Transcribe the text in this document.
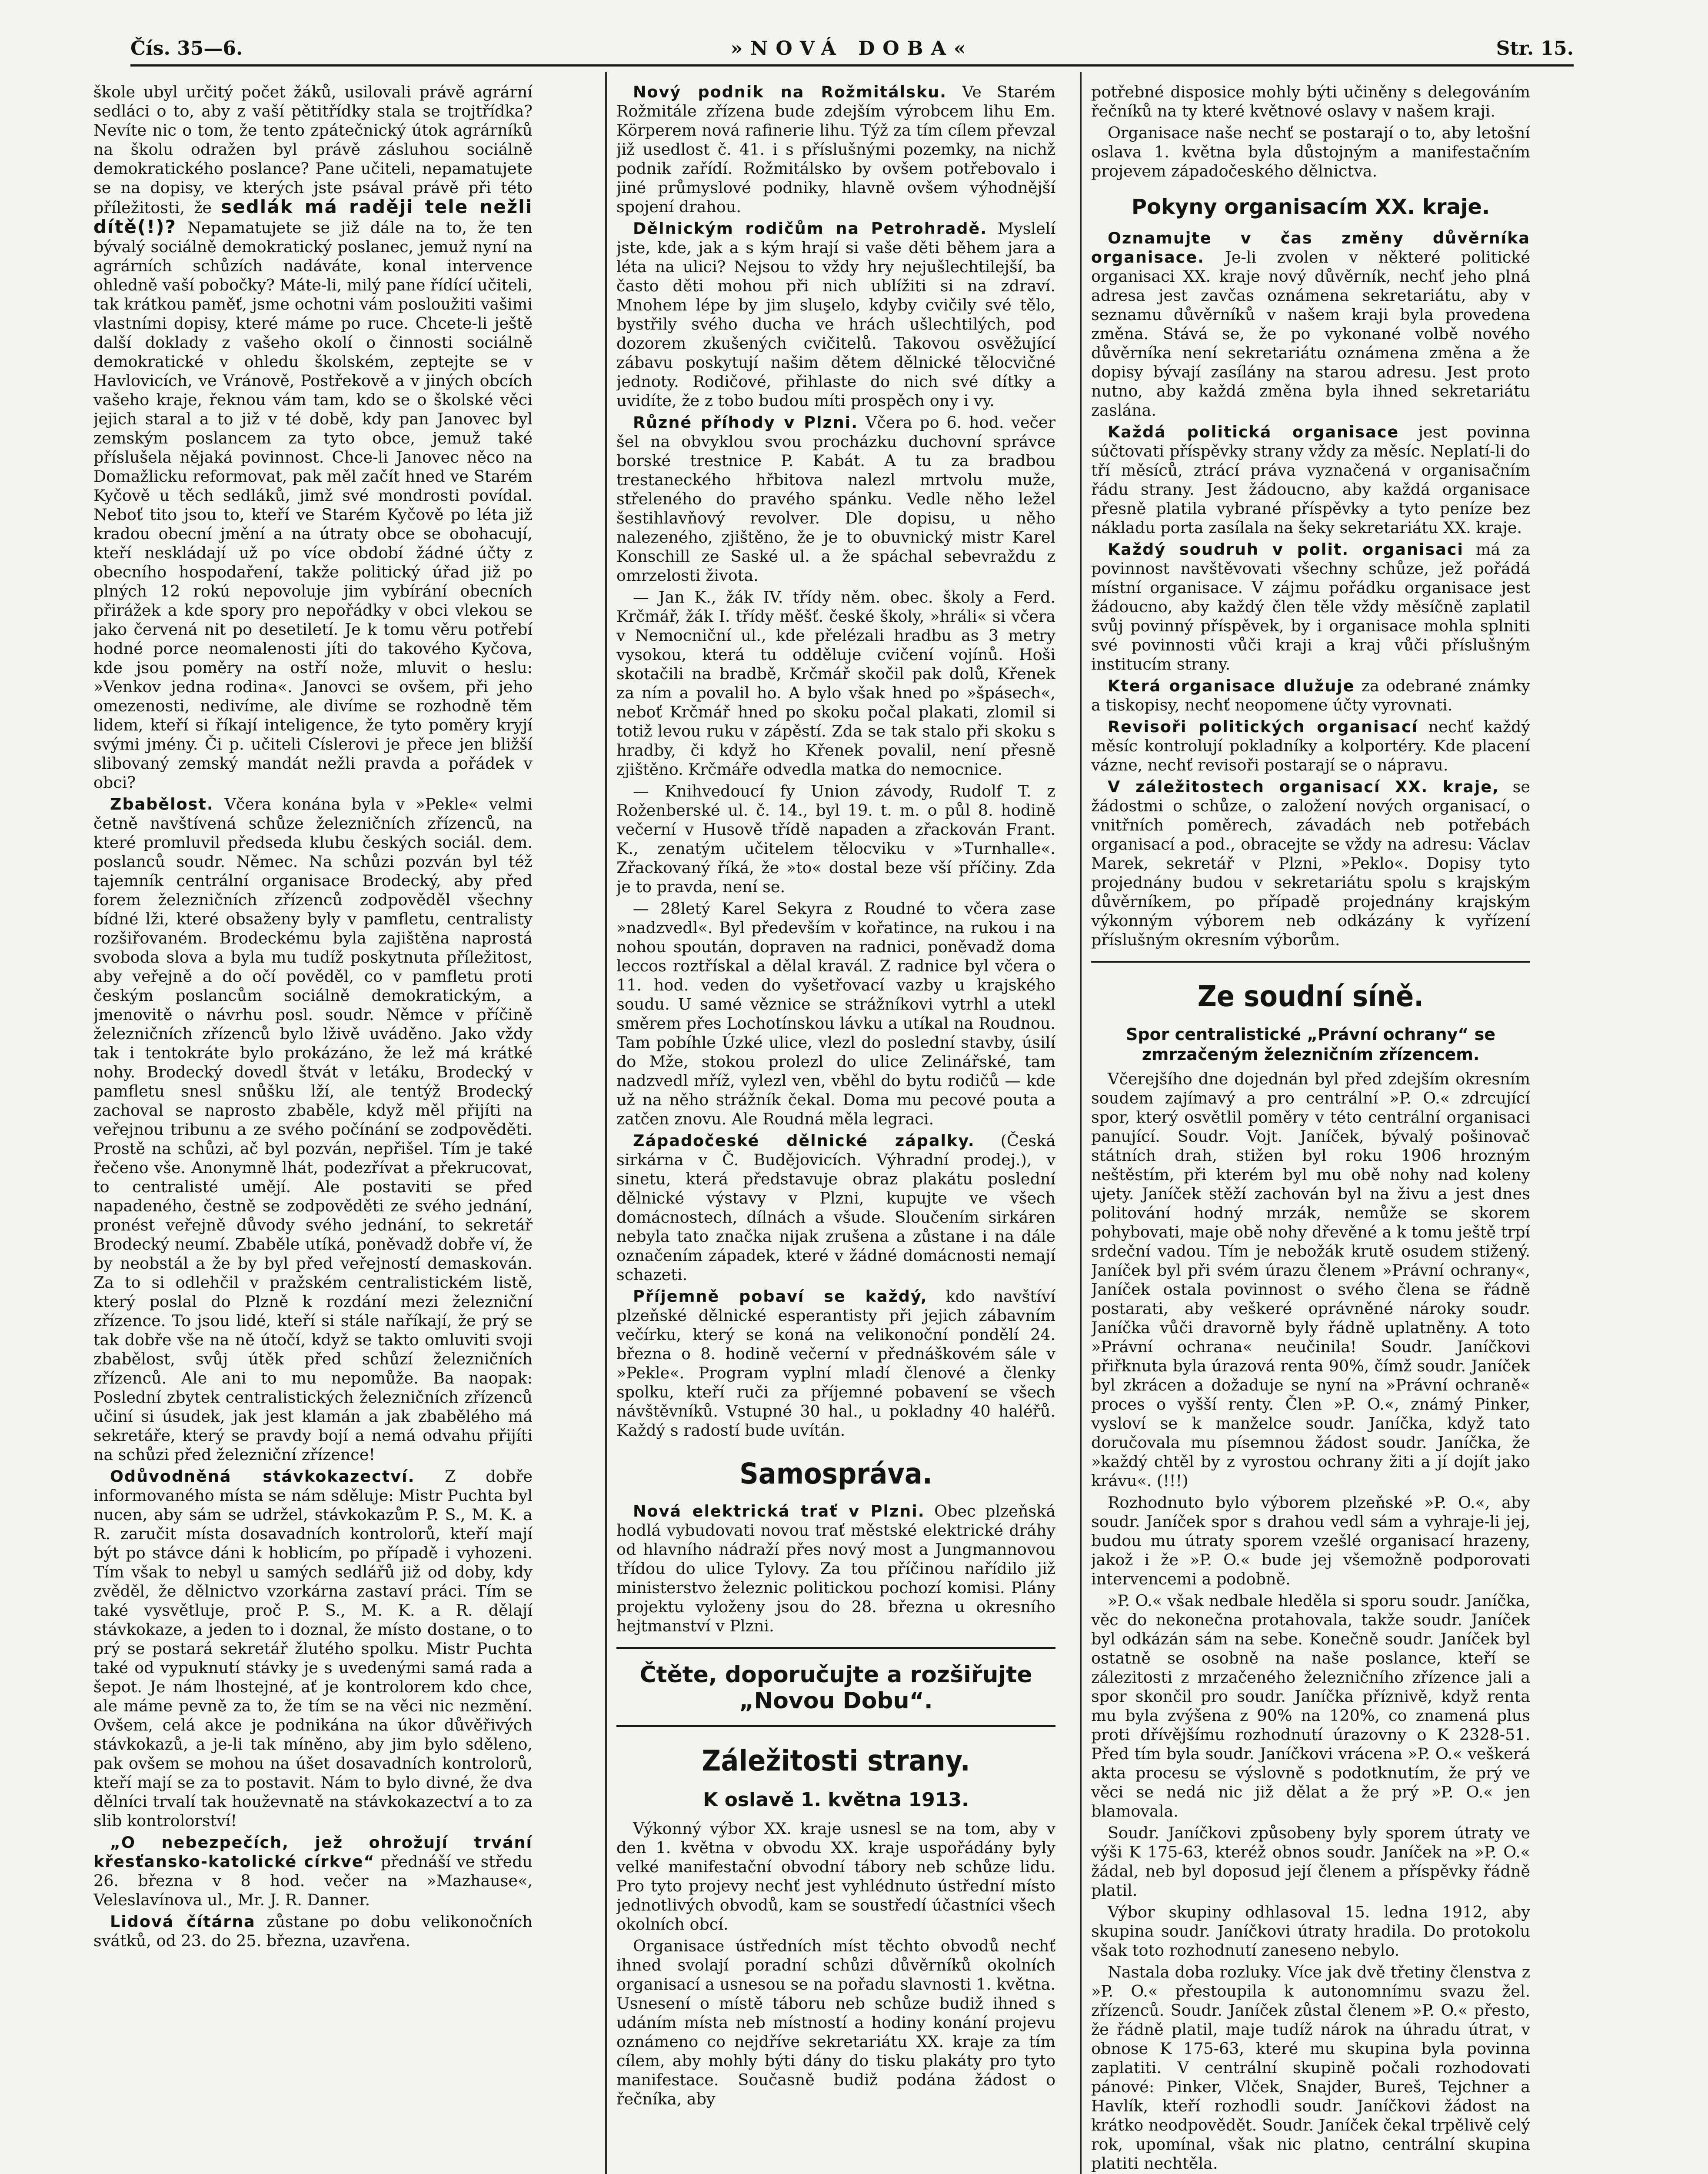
Čís. 35—6.	»NOVÁ DOBA«	Str. 15.

škole ubyl určitý počet žáků, usilovali právě agrární sedláci o to, aby z vaší pětitřídky stala se trojtřídka? Nevíte nic o tom, že tento zpátečnický útok agrárníků na školu odražen byl právě zásluhou sociálně demokratického poslance? Pane učiteli, nepamatujete se na dopisy, ve kterých jste psával právě při této příležitosti, že sedlák má raději tele nežli dítě(!)? Nepamatujete se již dále na to, že ten bývalý sociálně demokratický poslanec, jemuž nyní na agrárních schůzích nadáváte, konal intervence ohledně vaší pobočky? Máte-li, milý pane řídící učiteli, tak krátkou paměť, jsme ochotni vám posloužiti vašimi vlastními dopisy, které máme po ruce. Chcete-li ještě další doklady z vašeho okolí o činnosti sociálně demokratické v ohledu školském, zeptejte se v Havlovicích, ve Vránově, Postřekově a v jiných obcích vašeho kraje, řeknou vám tam, kdo se o školské věci jejich staral a to již v té době, kdy pan Janovec byl zemským poslancem za tyto obce, jemuž také příslušela nějaká povinnost. Chce-li Janovec něco na Domažlicku reformovat, pak měl začít hned ve Starém Kyčově u těch sedláků, jimž své mondrosti povídal. Neboť tito jsou to, kteří ve Starém Kyčově po léta již kradou obecní jmění a na útraty obce se obohacují, kteří neskládají už po více období žádné účty z obecního hospodaření, takže politický úřad již po plných 12 rokú nepovoluje jim vybírání obecních přirážek a kde spory pro nepořádky v obci vlekou se jako červená nit po desetiletí. Je k tomu věru potřebí hodné porce neomalenosti jíti do takového Kyčova, kde jsou poměry na ostří nože, mluvit o heslu: »Venkov jedna rodina«. Janovci se ovšem, při jeho omezenosti, nedivíme, ale divíme se rozhodně těm lidem, kteří si říkají inteligence, že tyto poměry kryjí svými jmény. Či p. učiteli Císlerovi je přece jen bližší slibovaný zemský mandát nežli pravda a pořádek v obci?

Zbabělost. Včera konána byla v »Pekle« velmi četně navštívená schůze železničních zřízenců, na které promluvil předseda klubu českých sociál. dem. poslanců soudr. Němec. Na schůzi pozván byl též tajemník centrální organisace Brodecký, aby před forem železničních zřízenců zodpověděl všechny bídné lži, které obsaženy byly v pamfletu, centralisty rozšiřovaném. Brodeckému byla zajištěna naprostá svoboda slova a byla mu tudíž poskytnuta příležitost, aby veřejně a do očí pověděl, co v pamfletu proti českým poslancům sociálně demokratickým, a jmenovitě o návrhu posl. soudr. Němce v příčině železničních zřízenců bylo lživě uváděno. Jako vždy tak i tentokráte bylo prokázáno, že lež má krátké nohy. Brodecký dovedl štvát v letáku, Brodecký v pamfletu snesl snůšku lží, ale tentýž Brodecký zachoval se naprosto zbaběle, když měl přijíti na veřejnou tribunu a ze svého počínání se zodpověděti. Prostě na schůzi, ač byl pozván, nepřišel. Tím je také řečeno vše. Anonymně lhát, podezřívat a překrucovat, to centralisté umějí. Ale postaviti se před napadeného, čestně se zodpověděti ze svého jednání, pronést veřejně důvody svého jednání, to sekretář Brodecký neumí. Zbaběle utíká, poněvadž dobře ví, že by neobstál a že by byl před veřejností demaskován. Za to si odlehčil v pražském centralistickém listě, který poslal do Plzně k rozdání mezi železniční zřízence. To jsou lidé, kteří si stále naříkají, že prý se tak dobře vše na ně útočí, když se takto omluviti svoji zbabělost, svůj útěk před schůzí železničních zřízenců. Ale ani to mu nepomůže. Ba naopak: Poslední zbytek centralistických železničních zřízenců učiní si úsudek, jak jest klamán a jak zbabělého má sekretáře, který se pravdy bojí a nemá odvahu přijíti na schůzi před železniční zřízence!

Odůvodněná stávkokazectví. Z dobře informovaného místa se nám sděluje: Mistr Puchta byl nucen, aby sám se udržel, stávkokazům P. S., M. K. a R. zaručit místa dosavadních kontrolorů, kteří mají být po stávce dáni k hoblicím, po případě i vyhozeni. Tím však to nebyl u samých sedlářů již od doby, kdy zvěděl, že dělnictvo vzorkárna zastaví práci. Tím se také vysvětluje, proč P. S., M. K. a R. dělají stávkokaze, a jeden to i doznal, že místo dostane, o to prý se postará sekretář žlutého spolku. Mistr Puchta také od vypuknutí stávky je s uvedenými samá rada a šepot. Je nám lhostejné, ať je kontrolorem kdo chce, ale máme pevně za to, že tím se na věci nic nezmění. Ovšem, celá akce je podnikána na úkor důvěřivých stávkokazů, a je-li tak míněno, aby jim bylo sděleno, pak ovšem se mohou na úšet dosavadních kontrolorů, kteří mají se za to postavit. Nám to bylo divné, že dva dělníci trvalí tak houževnatě na stávkokazectví a to za slib kontrolorství!

„O nebezpečích, jež ohrožují trvání křesťansko-katolické církve“ přednáší ve středu 26. března v 8 hod. večer na »Mazhause«, Veleslavínova ul., Mr. J. R. Danner.

Lidová čítárna zůstane po dobu velikonočních svátků, od 23. do 25. března, uzavřena.

Nový podnik na Rožmitálsku. Ve Starém Rožmitále zřízena bude zdejším výrobcem lihu Em. Körperem nová rafinerie lihu. Týž za tím cílem převzal již usedlost č. 41. i s příslušnými pozemky, na nichž podnik zařídí. Rožmitálsko by ovšem potřebovalo i jiné průmyslové podniky, hlavně ovšem výhodnější spojení drahou.

Dělnickým rodičům na Petrohradě. Myslelí jste, kde, jak a s kým hrají si vaše děti během jara a léta na ulici? Nejsou to vždy hry nejušlechtilejší, ba často děti mohou při nich ublížiti si na zdraví. Mnohem lépe by jim sluşelo, kdyby cvičily své tělo, bystřily svého ducha ve hrách ušlechtilých, pod dozorem zkušených cvičitelů. Takovou osvěžující zábavu poskytují našim dětem dělnické tělocvičné jednoty. Rodičové, přihlaste do nich své dítky a uvidíte, že z tobo budou míti prospěch ony i vy.

Různé příhody v Plzni. Včera po 6. hod. večer šel na obvyklou svou procházku duchovní správce borské trestnice P. Kabát. A tu za bradbou trestaneckého hřbitova nalezl mrtvolu muže, střeleného do pravého spánku. Vedle něho ležel šestihlavňový revolver. Dle dopisu, u něho nalezeného, zjištěno, že je to obuvnický mistr Karel Konschill ze Saské ul. a že spáchal sebevraždu z omrzelosti života.

— Jan K., žák IV. třídy něm. obec. školy a Ferd. Krčmář, žák I. třídy měšť. české školy, »hráli« si včera v Nemocniční ul., kde přelézali hradbu as 3 metry vysokou, která tu odděluje cvičení vojínů. Hoši skotačili na bradbě, Krčmář skočil pak dolů, Křenek za ním a povalil ho. A bylo však hned po »špásech«, neboť Krčmář hned po skoku počal plakati, zlomil si totiž levou ruku v zápěstí. Zda se tak stalo při skoku s hradby, či když ho Křenek povalil, není přesně zjištěno. Krčmáře odvedla matka do nemocnice.

— Knihvedoucí fy Union závody, Rudolf T. z Roženberské ul. č. 14., byl 19. t. m. o půl 8. hodině večerní v Husově třídě napaden a zřackován Frant. K., zenatým učitelem tělocviku v »Turnhalle«. Zřackovaný říká, že »to« dostal beze vší příčiny. Zda je to pravda, není se.

— 28letý Karel Sekyra z Roudné to včera zase »nadzvedl«. Byl především v kořatince, na rukou i na nohou spoután, dopraven na radnici, poněvadž doma leccos roztřískal a dělal kravál. Z radnice byl včera o 11. hod. veden do vyšetřovací vazby u krajského soudu. U samé věznice se strážníkovi vytrhl a utekl směrem přes Lochotínskou lávku a utíkal na Roudnou. Tam pobíhle Úzké ulice, vlezl do poslední stavby, úsilí do Mže, stokou prolezl do ulice Zelinářské, tam nadzvedl mříž, vylezl ven, vběhl do bytu rodičů — kde už na něho strážník čekal. Doma mu pecové pouta a zatčen znovu. Ale Roudná měla legraci.

Západočeské dělnické zápalky. (Česká sirkárna v Č. Budějovicích. Výhradní prodej.), v sinetu, která představuje obraz plakátu poslední dělnické výstavy v Plzni, kupujte ve všech domácnostech, dílnách a všude. Sloučením sirkáren nebyla tato značka nijak zrušena a zůstane i na dále označením západek, které v žádné domácnosti nemají schazeti.

Příjemně pobaví se každý, kdo navštíví plzeňské dělnické esperantisty při jejich zábavním večírku, který se koná na velikonoční pondělí 24. března o 8. hodině večerní v přednáškovém sále v »Pekle«. Program vyplní mladí členové a členky spolku, kteří ruči za příjemné pobavení se všech návštěvníků. Vstupné 30 hal., u pokladny 40 haléřů. Každý s radostí bude uvítán.

Samospráva.

Nová elektrická trať v Plzni. Obec plzeňská hodlá vybudovati novou trať městské elektrické dráhy od hlavního nádraží přes nový most a Jungmannovou třídou do ulice Tylovy. Za tou příčinou nařídilo již ministerstvo železnic politickou pochozí komisi. Plány projektu vyloženy jsou do 28. března u okresního hejtmanství v Plzni.

Čtěte, doporučujte a rozšiřujte „Novou Dobu“.
Záležitosti strany.
K oslavě 1. května 1913.

Výkonný výbor XX. kraje usnesl se na tom, aby v den 1. května v obvodu XX. kraje uspořádány byly velké manifestační obvodní tábory neb schůze lidu. Pro tyto projevy nechť jest vyhlédnuto ústřední místo jednotlivých obvodů, kam se soustředí účastníci všech okolních obcí.

Organisace ústředních míst těchto obvodů nechť ihned svolají poradní schůzi důvěrníků okolních organisací a usnesou se na pořadu slavnosti 1. května. Usnesení o místě táboru neb schůze budiž ihned s udáním místa neb místností a hodiny konání projevu oznámeno co nejdříve sekretariátu XX. kraje za tím cílem, aby mohly býti dány do tisku plakáty pro tyto manifestace. Současně budiž podána žádost o řečníka, aby

potřebné disposice mohly býti učiněny s delegováním řečníků na ty které květnové oslavy v našem kraji.

Organisace naše nechť se postarají o to, aby letošní oslava 1. května byla důstojným a manifestačním projevem západočeského dělnictva.

Pokyny organisacím XX. kraje.

Oznamujte v čas změny důvěrníka organisace. Je-li zvolen v některé politické organisaci XX. kraje nový důvěrník, nechť jeho plná adresa jest zavčas oznámena sekretariátu, aby v seznamu důvěrníků v našem kraji byla provedena změna. Stává se, že po vykonané volbě nového důvěrníka není sekretariátu oznámena změna a že dopisy bývají zasílány na starou adresu. Jest proto nutno, aby každá změna byla ihned sekretariátu zaslána.

Každá politická organisace jest povinna súčtovati příspěvky strany vždy za měsíc. Neplatí-li do tří měsíců, ztrácí práva vyznačená v organisačním řádu strany. Jest žádoucno, aby každá organisace přesně platila vybrané příspěvky a tyto peníze bez nákladu porta zasílala na šeky sekretariátu XX. kraje.

Každý soudruh v polit. organisaci má za povinnost navštěvovati všechny schůze, jež pořádá místní organisace. V zájmu pořádku organisace jest žádoucno, aby každý člen těle vždy měsíčně zaplatil svůj povinný příspěvek, by i organisace mohla splniti své povinnosti vůči kraji a kraj vůči příslušným institucím strany.

Která organisace dlužuje za odebrané známky a tiskopisy, nechť neopomene účty vyrovnati.

Revisoři politických organisací nechť každý měsíc kontrolují pokladníky a kolportéry. Kde placení vázne, nechť revisoři postarají se o nápravu.

V záležitostech organisací XX. kraje, se žádostmi o schůze, o založení nových organisací, o vnitřních poměrech, závadách neb potřebách organisací a pod., obracejte se vždy na adresu: Václav Marek, sekretář v Plzni, »Peklo«. Dopisy tyto projednány budou v sekretariátu spolu s krajským důvěrníkem, po případě projednány krajským výkonným výborem neb odkázány k vyřízení příslušným okresním výborům.

Ze soudní síně.
Spor centralistické „Právní ochrany“ se zmrzačeným železničním zřízencem.

Včerejšího dne dojednán byl před zdejším okresním soudem zajímavý a pro centrální »P. O.« zdrcující spor, který osvětlil poměry v této centrální organisaci panující. Soudr. Vojt. Janíček, bývalý pošinovač státních drah, stižen byl roku 1906 hrozným neštěstím, při kterém byl mu obě nohy nad koleny ujety. Janíček stěží zachován byl na živu a jest dnes politování hodný mrzák, nemůže se skorem pohybovati, maje obě nohy dřevěné a k tomu ještě trpí srdeční vadou. Tím je nebožák krutě osudem stižený. Janíček byl při svém úrazu členem »Právní ochrany«, Janíček ostala povinnost o svého člena se řádně postarati, aby veškeré oprávněné nároky soudr. Janíčka vůči dravorně byly řádně uplatněny. A toto »Právní ochrana« neučinila! Soudr. Janíčkovi přiřknuta byla úrazová renta 90%, čímž soudr. Janíček byl zkrácen a dožaduje se nyní na »Právní ochraně« proces o vyšší renty. Člen »P. O.«, známý Pinker, vysloví se k manželce soudr. Janíčka, když tato doručovala mu písemnou žádost soudr. Janíčka, že »každý chtěl by z vyrostou ochrany žiti a jí dojít jako krávu«. (!!!)

Rozhodnuto bylo výborem plzeňské »P. O.«, aby soudr. Janíček spor s drahou vedl sám a vyhraje-li jej, budou mu útraty sporem vzešlé organisací hrazeny, jakož i že »P. O.« bude jej všemožně podporovati intervencemi a podobně.

»P. O.« však nedbale hleděla si sporu soudr. Janíčka, věc do nekonečna protahovala, takže soudr. Janíček byl odkázán sám na sebe. Konečně soudr. Janíček byl ostatně se osobně na naše poslance, kteří se zálezitosti z mrzačeného železničního zřízence jali a spor skončil pro soudr. Janíčka příznivě, když renta mu byla zvýšena z 90% na 120%, co znamená plus proti dřívějšímu rozhodnutí úrazovny o K 2328-51. Před tím byla soudr. Janíčkovi vrácena »P. O.« veškerá akta procesu se výslovně s podotknutím, že prý ve věci se nedá nic již dělat a že prý »P. O.« jen blamovala.

Soudr. Janíčkovi způsobeny byly sporem útraty ve výši K 175-63, kteréž obnos soudr. Janíček na »P. O.« žádal, neb byl doposud její členem a příspěvky řádně platil.

Výbor skupiny odhlasoval 15. ledna 1912, aby skupina soudr. Janíčkovi útraty hradila. Do protokolu však toto rozhodnutí zaneseno nebylo.

Nastala doba rozluky. Více jak dvě třetiny členstva z »P. O.« přestoupila k autonomnímu svazu žel. zřízenců. Soudr. Janíček zůstal členem »P. O.« přesto, že řádně platil, maje tudíž nárok na úhradu útrat, v obnose K 175-63, které mu skupina byla povinna zaplatiti. V centrální skupině počali rozhodovati pánové: Pinker, Vlček, Snajder, Bureš, Tejchner a Havlík, kteří rozhodli soudr. Janíčkovi žádost na krátko neodpovědět. Soudr. Janíček čekal trpělivě celý rok, upomínal, však nic platno, centrální skupina platiti nechtěla.
